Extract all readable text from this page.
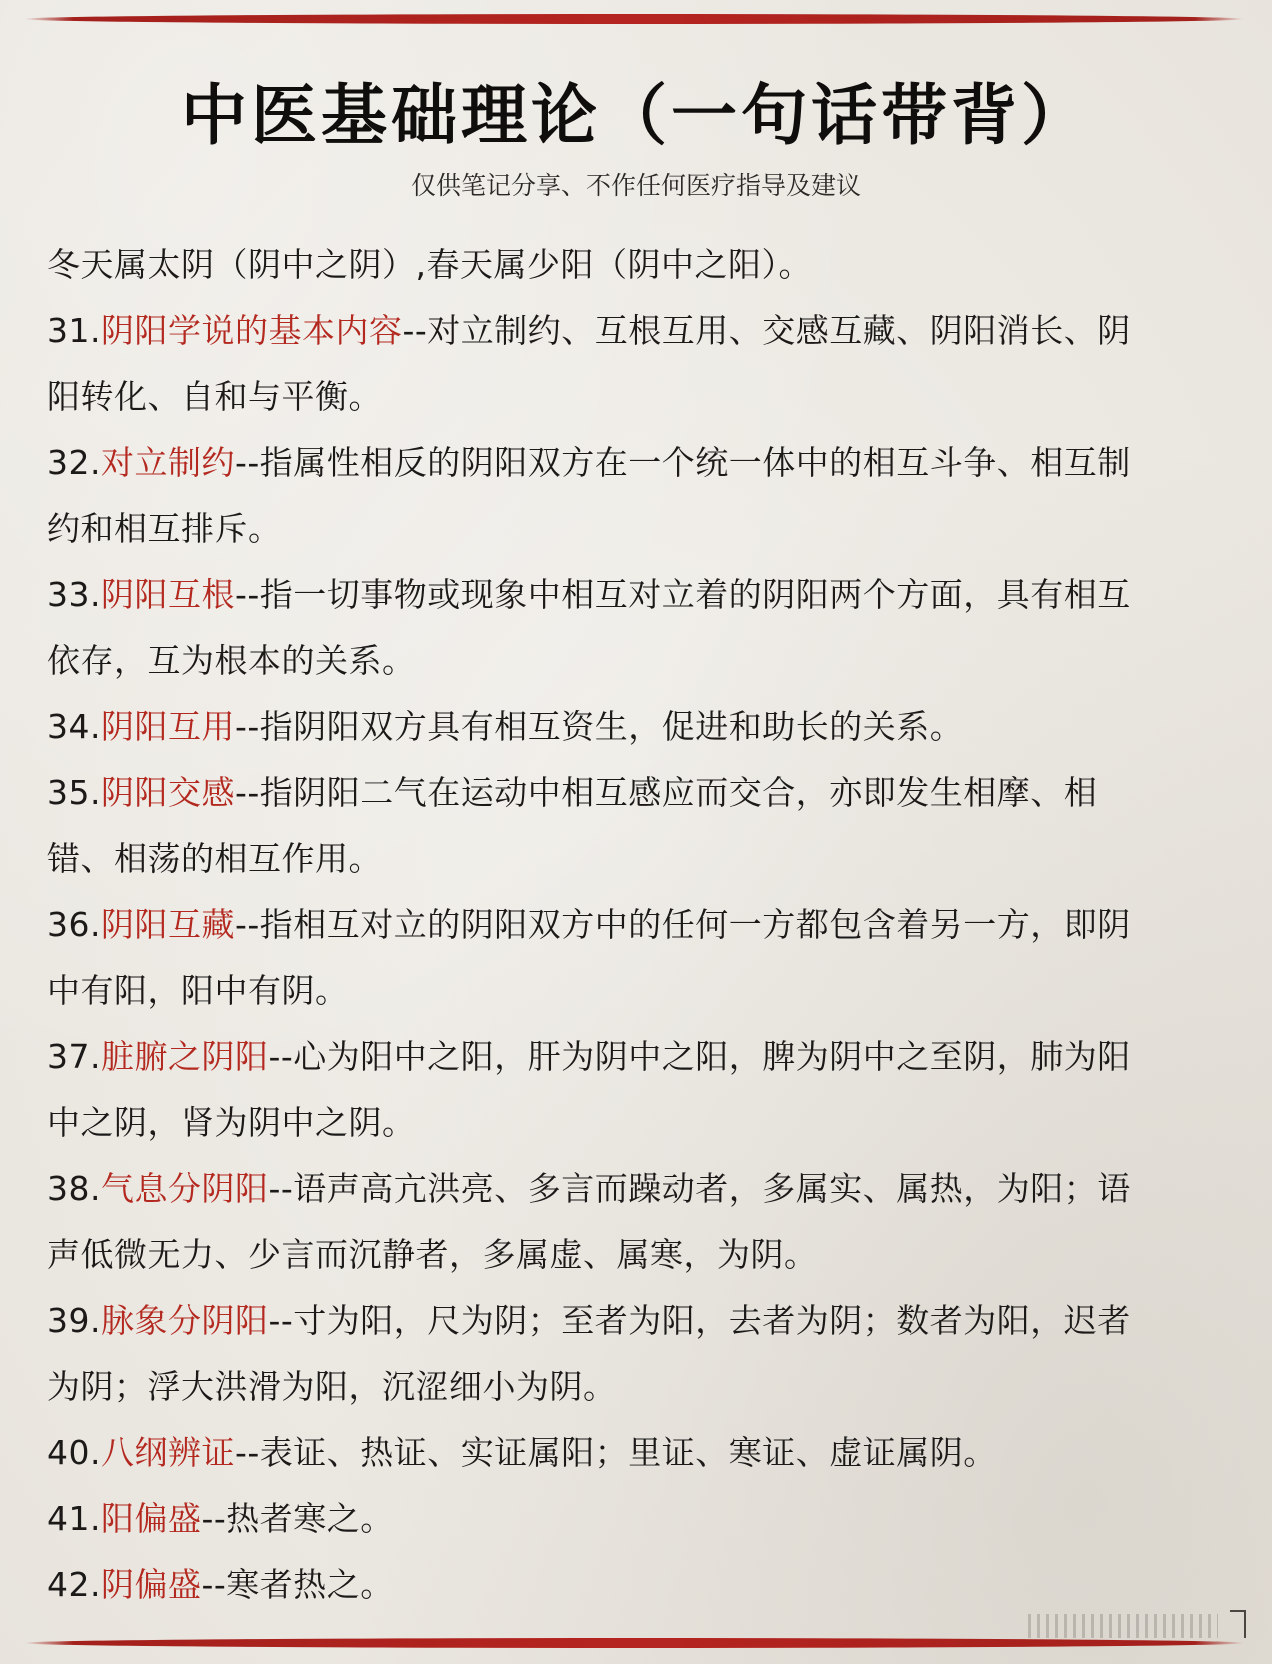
中医基础理论（一句话带背）

仅供笔记分享、不作任何医疗指导及建议

冬天属太阴（阴中之阴）,春天属少阳（阴中之阳）。
31.阴阳学说的基本内容--对立制约、互根互用、交感互藏、阴阳消长、阴
阳转化、自和与平衡。
32.对立制约--指属性相反的阴阳双方在一个统一体中的相互斗争、相互制
约和相互排斥。
33.阴阳互根--指一切事物或现象中相互对立着的阴阳两个方面，具有相互
依存，互为根本的关系。
34.阴阳互用--指阴阳双方具有相互资生，促进和助长的关系。
35.阴阳交感--指阴阳二气在运动中相互感应而交合，亦即发生相摩、相
错、相荡的相互作用。
36.阴阳互藏--指相互对立的阴阳双方中的任何一方都包含着另一方，即阴
中有阳，阳中有阴。
37.脏腑之阴阳--心为阳中之阳，肝为阴中之阳，脾为阴中之至阴，肺为阳
中之阴，肾为阴中之阴。
38.气息分阴阳--语声高亢洪亮、多言而躁动者，多属实、属热，为阳；语
声低微无力、少言而沉静者，多属虚、属寒，为阴。
39.脉象分阴阳--寸为阳，尺为阴；至者为阳，去者为阴；数者为阳，迟者
为阴；浮大洪滑为阳，沉涩细小为阴。
40.八纲辨证--表证、热证、实证属阳；里证、寒证、虚证属阴。
41.阳偏盛--热者寒之。
42.阴偏盛--寒者热之。
